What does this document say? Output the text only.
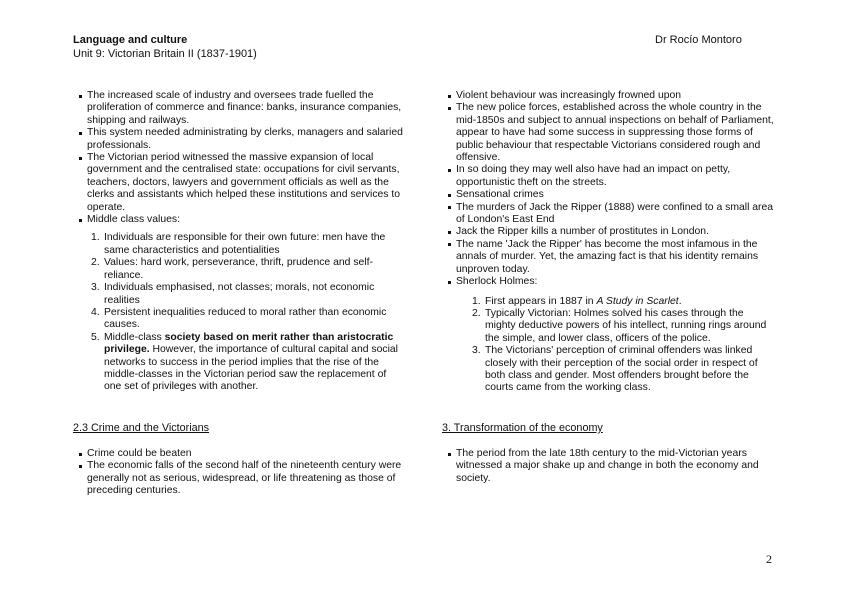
Language and culture
Unit 9: Victorian Britain II (1837-1901)
Dr Rocío Montoro
The increased scale of industry and oversees trade fuelled the proliferation of commerce and finance: banks, insurance companies, shipping and railways.
This system needed administrating by clerks, managers and salaried professionals.
The Victorian period witnessed the massive expansion of local government and the centralised state: occupations for civil servants, teachers, doctors, lawyers and government officials as well as the clerks and assistants which helped these institutions and services to operate.
Middle class values:
1. Individuals are responsible for their own future: men have the same characteristics and potentialities
2. Values: hard work, perseverance, thrift, prudence and self-reliance.
3. Individuals emphasised, not classes; morals, not economic realities
4. Persistent inequalities reduced to moral rather than economic causes.
5. Middle-class society based on merit rather than aristocratic privilege. However, the importance of cultural capital and social networks to success in the period implies that the rise of the middle-classes in the Victorian period saw the replacement of one set of privileges with another.
2.3 Crime and the Victorians
Crime could be beaten
The economic falls of the second half of the nineteenth century were generally not as serious, widespread, or life threatening as those of preceding centuries.
Violent behaviour was increasingly frowned upon
The new police forces, established across the whole country in the mid-1850s and subject to annual inspections on behalf of Parliament, appear to have had some success in suppressing those forms of public behaviour that respectable Victorians considered rough and offensive.
In so doing they may well also have had an impact on petty, opportunistic theft on the streets.
Sensational crimes
The murders of Jack the Ripper (1888) were confined to a small area of London's East End
Jack the Ripper kills a number of prostitutes in London.
The name 'Jack the Ripper' has become the most infamous in the annals of murder. Yet, the amazing fact is that his identity remains unproven today.
Sherlock Holmes:
1. First appears in 1887 in A Study in Scarlet.
2. Typically Victorian: Holmes solved his cases through the mighty deductive powers of his intellect, running rings around the simple, and lower class, officers of the police.
3. The Victorians' perception of criminal offenders was linked closely with their perception of the social order in respect of both class and gender. Most offenders brought before the courts came from the working class.
3. Transformation of the economy
The period from the late 18th century to the mid-Victorian years witnessed a major shake up and change in both the economy and society.
2
